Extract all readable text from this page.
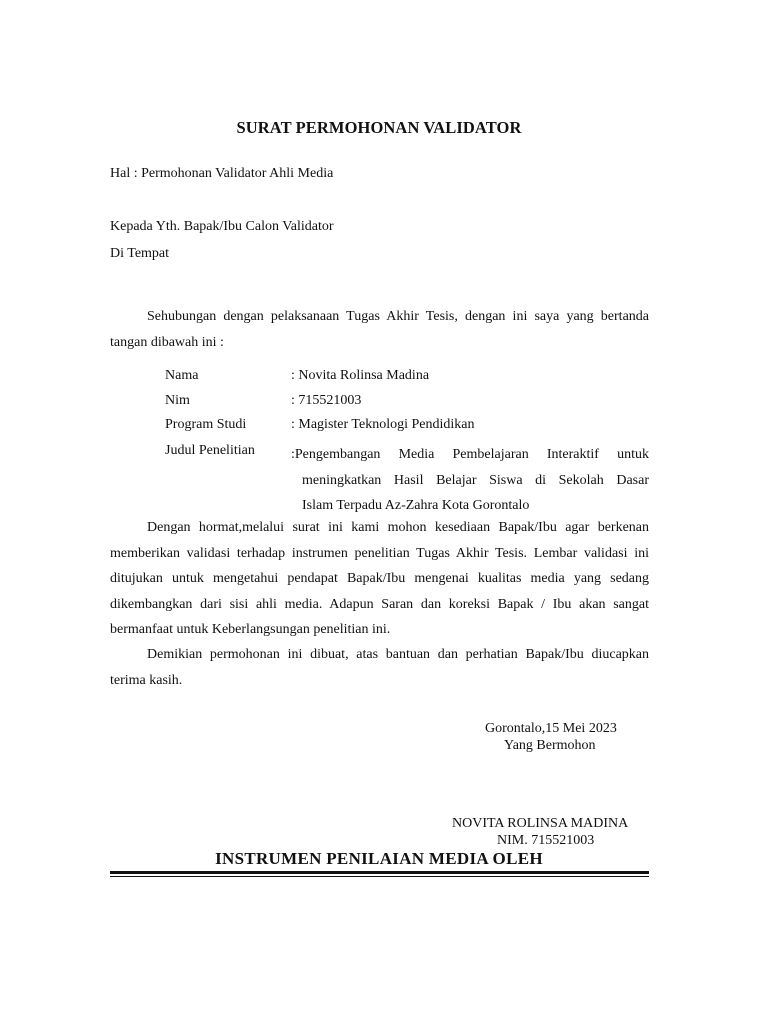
SURAT PERMOHONAN VALIDATOR
Hal : Permohonan Validator Ahli Media
Kepada Yth. Bapak/Ibu Calon Validator
Di Tempat
Sehubungan dengan pelaksanaan Tugas Akhir Tesis, dengan ini saya yang bertanda tangan dibawah ini :
Nama	: Novita Rolinsa Madina
Nim	: 715521003
Program Studi	: Magister Teknologi Pendidikan
Judul Penelitian	:Pengembangan Media Pembelajaran Interaktif untuk
meningkatkan Hasil Belajar Siswa di Sekolah Dasar
Islam Terpadu Az-Zahra Kota Gorontalo
Dengan hormat,melalui surat ini kami mohon kesediaan Bapak/Ibu agar berkenan memberikan validasi terhadap instrumen penelitian Tugas Akhir Tesis. Lembar validasi ini ditujukan untuk mengetahui pendapat Bapak/Ibu mengenai kualitas media yang sedang dikembangkan dari sisi ahli media. Adapun Saran dan koreksi Bapak / Ibu akan sangat bermanfaat untuk Keberlangsungan penelitian ini.
Demikian permohonan ini dibuat, atas bantuan dan perhatian Bapak/Ibu diucapkan terima kasih.
Gorontalo,15 Mei 2023
Yang Bermohon
NOVITA ROLINSA MADINA
NIM. 715521003
INSTRUMEN PENILAIAN MEDIA OLEH
